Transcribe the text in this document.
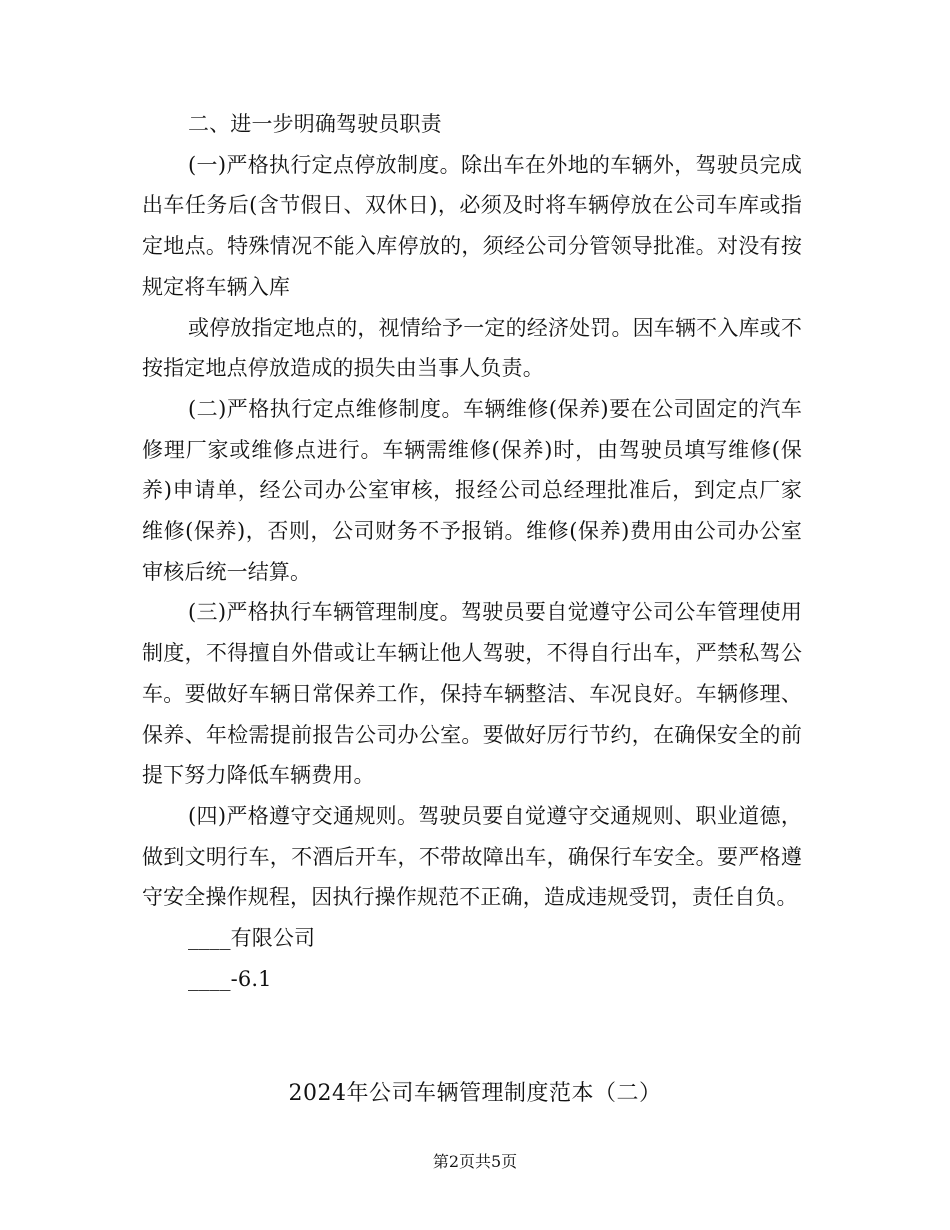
二、进一步明确驾驶员职责

(一)严格执行定点停放制度。除出车在外地的车辆外，驾驶员完成出车任务后(含节假日、双休日)，必须及时将车辆停放在公司车库或指定地点。特殊情况不能入库停放的，须经公司分管领导批准。对没有按规定将车辆入库

或停放指定地点的，视情给予一定的经济处罚。因车辆不入库或不按指定地点停放造成的损失由当事人负责。

(二)严格执行定点维修制度。车辆维修(保养)要在公司固定的汽车修理厂家或维修点进行。车辆需维修(保养)时，由驾驶员填写维修(保养)申请单，经公司办公室审核，报经公司总经理批准后，到定点厂家维修(保养)，否则，公司财务不予报销。维修(保养)费用由公司办公室审核后统一结算。

(三)严格执行车辆管理制度。驾驶员要自觉遵守公司公车管理使用制度，不得擅自外借或让车辆让他人驾驶，不得自行出车，严禁私驾公车。要做好车辆日常保养工作，保持车辆整洁、车况良好。车辆修理、保养、年检需提前报告公司办公室。要做好厉行节约，在确保安全的前提下努力降低车辆费用。

(四)严格遵守交通规则。驾驶员要自觉遵守交通规则、职业道德，做到文明行车，不酒后开车，不带故障出车，确保行车安全。要严格遵守安全操作规程，因执行操作规范不正确，造成违规受罚，责任自负。

____有限公司

____-6.1

2024年公司车辆管理制度范本（二）
第2页共5页
